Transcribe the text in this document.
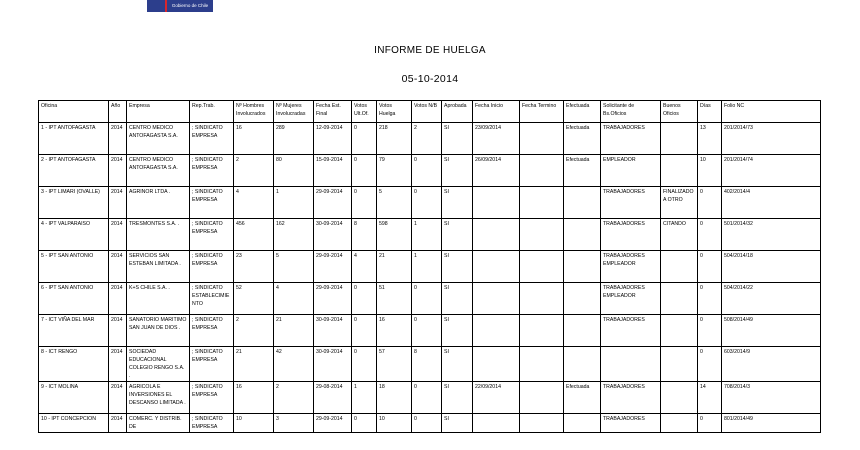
Gobierno de Chile
INFORME DE HUELGA
05-10-2014
Oficina	Año	Empresa	Rep.Trab.	Nº Hombres Involucrados	Nº Mujeres Involucradas	Fecha Est. Final	Votos Ult.Of.	Votos Huelga	Votos N/B	Aprobada	Fecha Inicio	Fecha Termino	Efectuada	Solicitante de Bs.Oficios	Buenos Oficios	Días	Folio NC
1 - IPT ANTOFAGASTA	2014	CENTRO MEDICO ANTOFAGASTA S.A.	; SINDICATO EMPRESA	16	289	12-09-2014	0	218	2	SI	23/09/2014		Efectuada	TRABAJADORES		13	201/2014/73
2 - IPT ANTOFAGASTA	2014	CENTRO MEDICO ANTOFAGASTA S.A.	; SINDICATO EMPRESA	2	80	15-09-2014	0	79	0	SI	26/09/2014		Efectuada	EMPLEADOR		10	201/2014/74
3 - IPT LIMARI (OVALLE)	2014	AGRINOR LTDA .	; SINDICATO EMPRESA	4	1	29-09-2014	0	5	0	SI				TRABAJADORES	FINALIZADO A OTRO	0	402/2014/4
4 - IPT VALPARAISO	2014	TRESMONTES S.A. .	; SINDICATO EMPRESA	456	162	30-09-2014	8	598	1	SI				TRABAJADORES	CITANDO	0	501/2014/32
5 - IPT SAN ANTONIO	2014	SERVICIOS SAN ESTEBAN LIMITADA .	; SINDICATO EMPRESA	23	5	29-09-2014	4	21	1	SI				TRABAJADORES EMPLEADOR		0	504/2014/18
6 - IPT SAN ANTONIO	2014	K+S CHILE S.A. .	; SINDICATO ESTABLECIMIENTO	52	4	29-09-2014	0	51	0	SI				TRABAJADORES EMPLEADOR		0	504/2014/22
7 - ICT VIÑA DEL MAR	2014	SANATORIO MARITIMO SAN JUAN DE DIOS .	; SINDICATO EMPRESA	2	21	30-09-2014	0	16	0	SI				TRABAJADORES		0	508/2014/49
8 - ICT RENGO	2014	SOCIEDAD EDUCACIONAL COLEGIO RENGO S.A. .	; SINDICATO EMPRESA	21	42	30-09-2014	0	57	8	SI						0	603/2014/9
9 - ICT MOLINA	2014	AGRICOLA E INVERSIONES EL DESCANSO LIMITADA .	; SINDICATO EMPRESA	16	2	29-08-2014	1	18	0	SI	22/09/2014		Efectuada	TRABAJADORES		14	708/2014/3
10 - IPT CONCEPCION	2014	COMERC. Y DISTRIB. DE	; SINDICATO EMPRESA	10	3	29-09-2014	0	10	0	SI				TRABAJADORES		0	801/2014/49
